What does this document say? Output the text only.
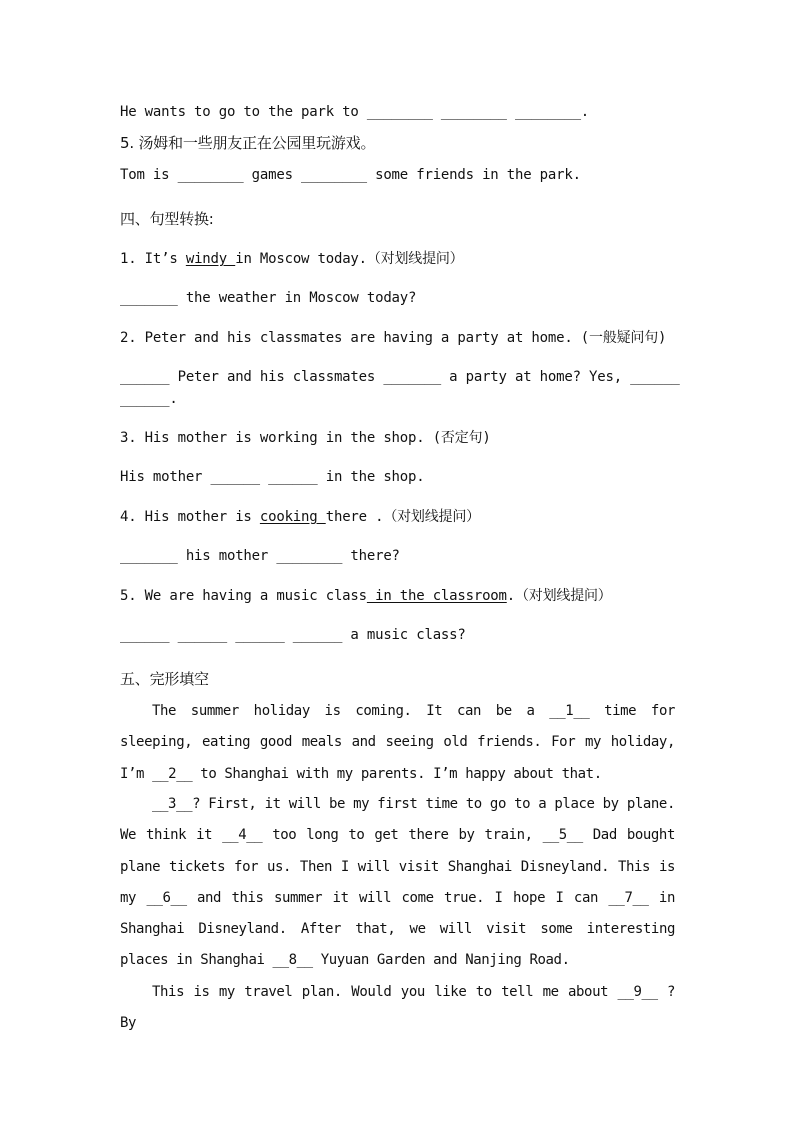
He wants to go to the park to ________ ________ ________.
5. 汤姆和一些朋友正在公园里玩游戏。
Tom is ________ games ________ some friends in the park.
四、句型转换:
1. It’s windy in Moscow today.（对划线提问）
_______ the weather in Moscow today?
2. Peter and his classmates are having a party at home. (一般疑问句)
______ Peter and his classmates _______ a party at home? Yes, ______
______.
3. His mother is working in the shop. (否定句)
His mother ______ ______ in the shop.
4. His mother is cooking there .（对划线提问）
_______ his mother ________ there?
5. We are having a music class in the classroom.（对划线提问）
______ ______ ______ ______ a music class?
五、完形填空
The summer holiday is coming. It can be a __1__ time for sleeping, eating good meals and seeing old friends. For my holiday, I’m __2__ to Shanghai with my parents. I’m happy about that.
__3__? First, it will be my first time to go to a place by plane. We think it __4__ too long to get there by train, __5__ Dad bought plane tickets for us. Then I will visit Shanghai Disneyland. This is my __6__ and this summer it will come true. I hope I can __7__ in Shanghai Disneyland. After that, we will visit some interesting places in Shanghai __8__ Yuyuan Garden and Nanjing Road.
This is my travel plan. Would you like to tell me about __9__ ? By
